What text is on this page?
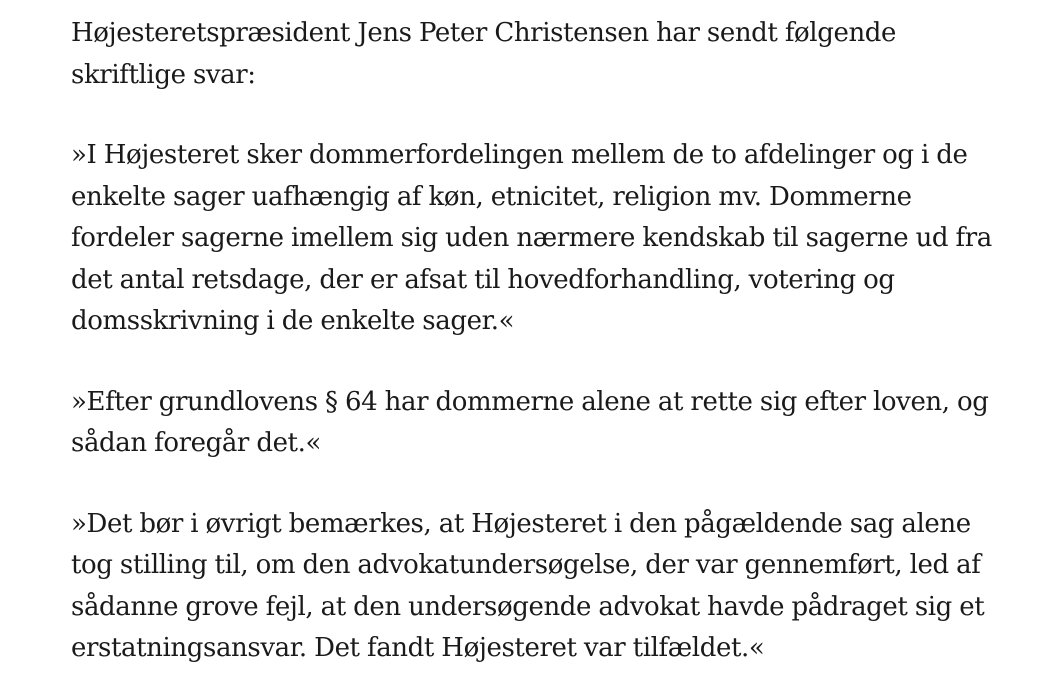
Højesteretspræsident Jens Peter Christensen har sendt følgende skriftlige svar:

»I Højesteret sker dommerfordelingen mellem de to afdelinger og i de enkelte sager uafhængig af køn, etnicitet, religion mv. Dommerne fordeler sagerne imellem sig uden nærmere kendskab til sagerne ud fra det antal retsdage, der er afsat til hovedforhandling, votering og domsskrivning i de enkelte sager.«

»Efter grundlovens § 64 har dommerne alene at rette sig efter loven, og sådan foregår det.«

»Det bør i øvrigt bemærkes, at Højesteret i den pågældende sag alene tog stilling til, om den advokatundersøgelse, der var gennemført, led af sådanne grove fejl, at den undersøgende advokat havde pådraget sig et erstatningsansvar. Det fandt Højesteret var tilfældet.«
